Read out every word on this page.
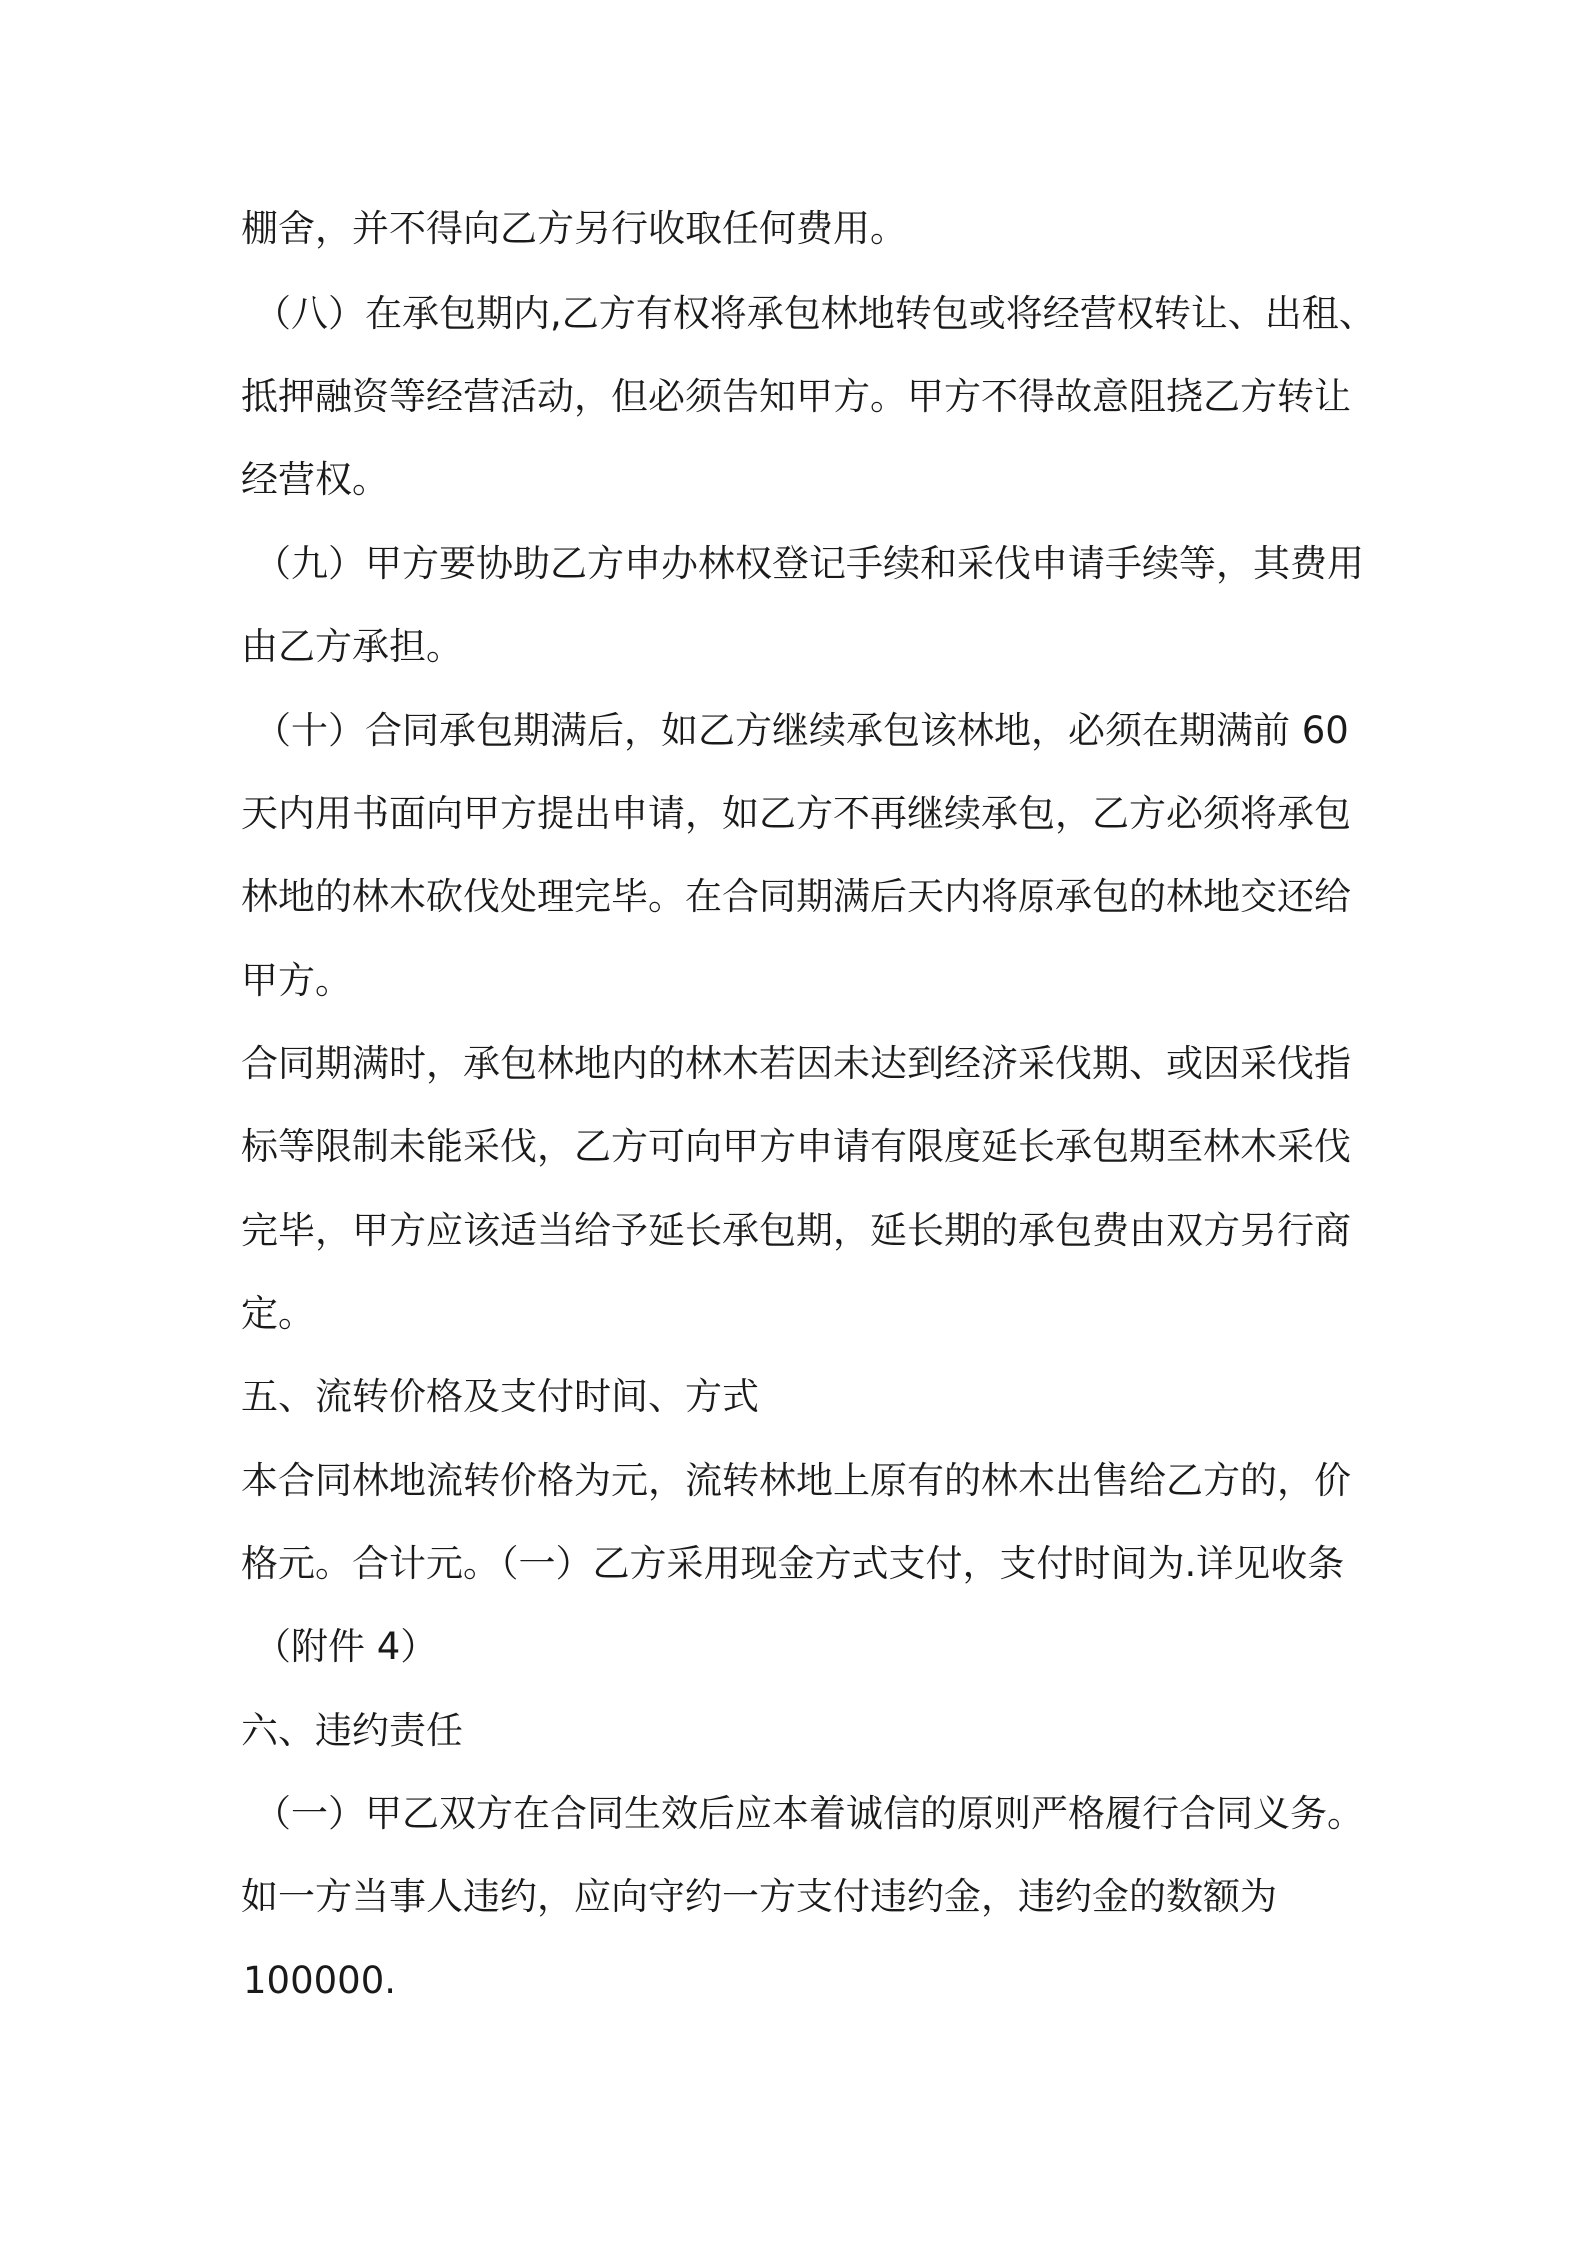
棚舍，并不得向乙方另行收取任何费用。
（八）在承包期内,乙方有权将承包林地转包或将经营权转让、出租、
抵押融资等经营活动，但必须告知甲方。甲方不得故意阻挠乙方转让
经营权。
（九）甲方要协助乙方申办林权登记手续和采伐申请手续等，其费用
由乙方承担。
（十）合同承包期满后，如乙方继续承包该林地，必须在期满前 60
天内用书面向甲方提出申请，如乙方不再继续承包，乙方必须将承包
林地的林木砍伐处理完毕。在合同期满后天内将原承包的林地交还给
甲方。
合同期满时，承包林地内的林木若因未达到经济采伐期、或因采伐指
标等限制未能采伐，乙方可向甲方申请有限度延长承包期至林木采伐
完毕，甲方应该适当给予延长承包期，延长期的承包费由双方另行商
定。
五、流转价格及支付时间、方式
本合同林地流转价格为元，流转林地上原有的林木出售给乙方的，价
格元。合计元。（一）乙方采用现金方式支付，支付时间为.详见收条
（附件 4）
六、违约责任
（一）甲乙双方在合同生效后应本着诚信的原则严格履行合同义务。
如一方当事人违约，应向守约一方支付违约金，违约金的数额为
100000.
